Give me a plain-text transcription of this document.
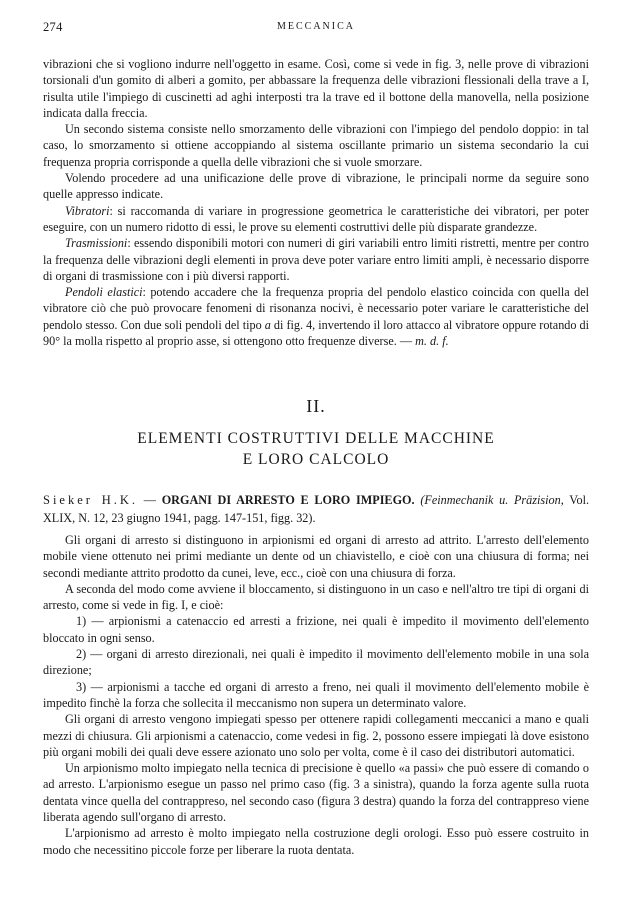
274	MECCANICA

vibrazioni che si vogliono indurre nell'oggetto in esame. Così, come si vede in fig. 3, nelle prove di vibrazioni torsionali d'un gomito di alberi a gomito, per abbassare la frequenza delle vibrazioni flessionali della trave a I, risulta utile l'impiego di cuscinetti ad aghi interposti tra la trave ed il bottone della manovella, nella posizione indicata dalla freccia.

Un secondo sistema consiste nello smorzamento delle vibrazioni con l'impiego del pendolo doppio: in tal caso, lo smorzamento si ottiene accoppiando al sistema oscillante primario un sistema secondario la cui frequenza propria corrisponde a quella delle vibrazioni che si vuole smorzare.

Volendo procedere ad una unificazione delle prove di vibrazione, le principali norme da seguire sono quelle appresso indicate.

Vibratori: si raccomanda di variare in progressione geometrica le caratteristiche dei vibratori, per poter eseguire, con un numero ridotto di essi, le prove su elementi costruttivi delle più disparate grandezze.

Trasmissioni: essendo disponibili motori con numeri di giri variabili entro limiti ristretti, mentre per contro la frequenza delle vibrazioni degli elementi in prova deve poter variare entro limiti ampli, è necessario disporre di organi di trasmissione con i più diversi rapporti.

Pendoli elastici: potendo accadere che la frequenza propria del pendolo elastico coincida con quella del vibratore ciò che può provocare fenomeni di risonanza nocivi, è necessario poter variare le caratteristiche del pendolo stesso. Con due soli pendoli del tipo a di fig. 4, invertendo il loro attacco al vibratore oppure rotando di 90° la molla rispetto al proprio asse, si ottengono otto frequenze diverse. — m. d. f.

II.
ELEMENTI COSTRUTTIVI DELLE MACCHINE
E LORO CALCOLO
Sieker H.K. — ORGANI DI ARRESTO E LORO IMPIEGO. (Feinmechanik u. Präzision, Vol. XLIX, N. 12, 23 giugno 1941, pagg. 147-151, figg. 32).

Gli organi di arresto si distinguono in arpionismi ed organi di arresto ad attrito. L'arresto dell'elemento mobile viene ottenuto nei primi mediante un dente od un chiavistello, e cioè con una chiusura di forma; nei secondi mediante attrito prodotto da cunei, leve, ecc., cioè con una chiusura di forza.

A seconda del modo come avviene il bloccamento, si distinguono in un caso e nell'altro tre tipi di organi di arresto, come si vede in fig. I, e cioè:

1) — arpionismi a catenaccio ed arresti a frizione, nei quali è impedito il movimento dell'elemento bloccato in ogni senso.

2) — organi di arresto direzionali, nei quali è impedito il movimento dell'elemento mobile in una sola direzione;

3) — arpionismi a tacche ed organi di arresto a freno, nei quali il movimento dell'elemento mobile è impedito finchè la forza che sollecita il meccanismo non supera un determinato valore.

Gli organi di arresto vengono impiegati spesso per ottenere rapidi collegamenti meccanici a mano e quali mezzi di chiusura. Gli arpionismi a catenaccio, come vedesi in fig. 2, possono essere impiegati là dove esistono più organi mobili dei quali deve essere azionato uno solo per volta, come è il caso dei distributori automatici.

Un arpionismo molto impiegato nella tecnica di precisione è quello «a passi» che può essere di comando o ad arresto. L'arpionismo esegue un passo nel primo caso (fig. 3 a sinistra), quando la forza agente sulla ruota dentata vince quella del contrappreso, nel secondo caso (figura 3 destra) quando la forza del contrappreso viene liberata agendo sull'organo di arresto.

L'arpionismo ad arresto è molto impiegato nella costruzione degli orologi. Esso può essere costruito in modo che necessitino piccole forze per liberare la ruota dentata.
